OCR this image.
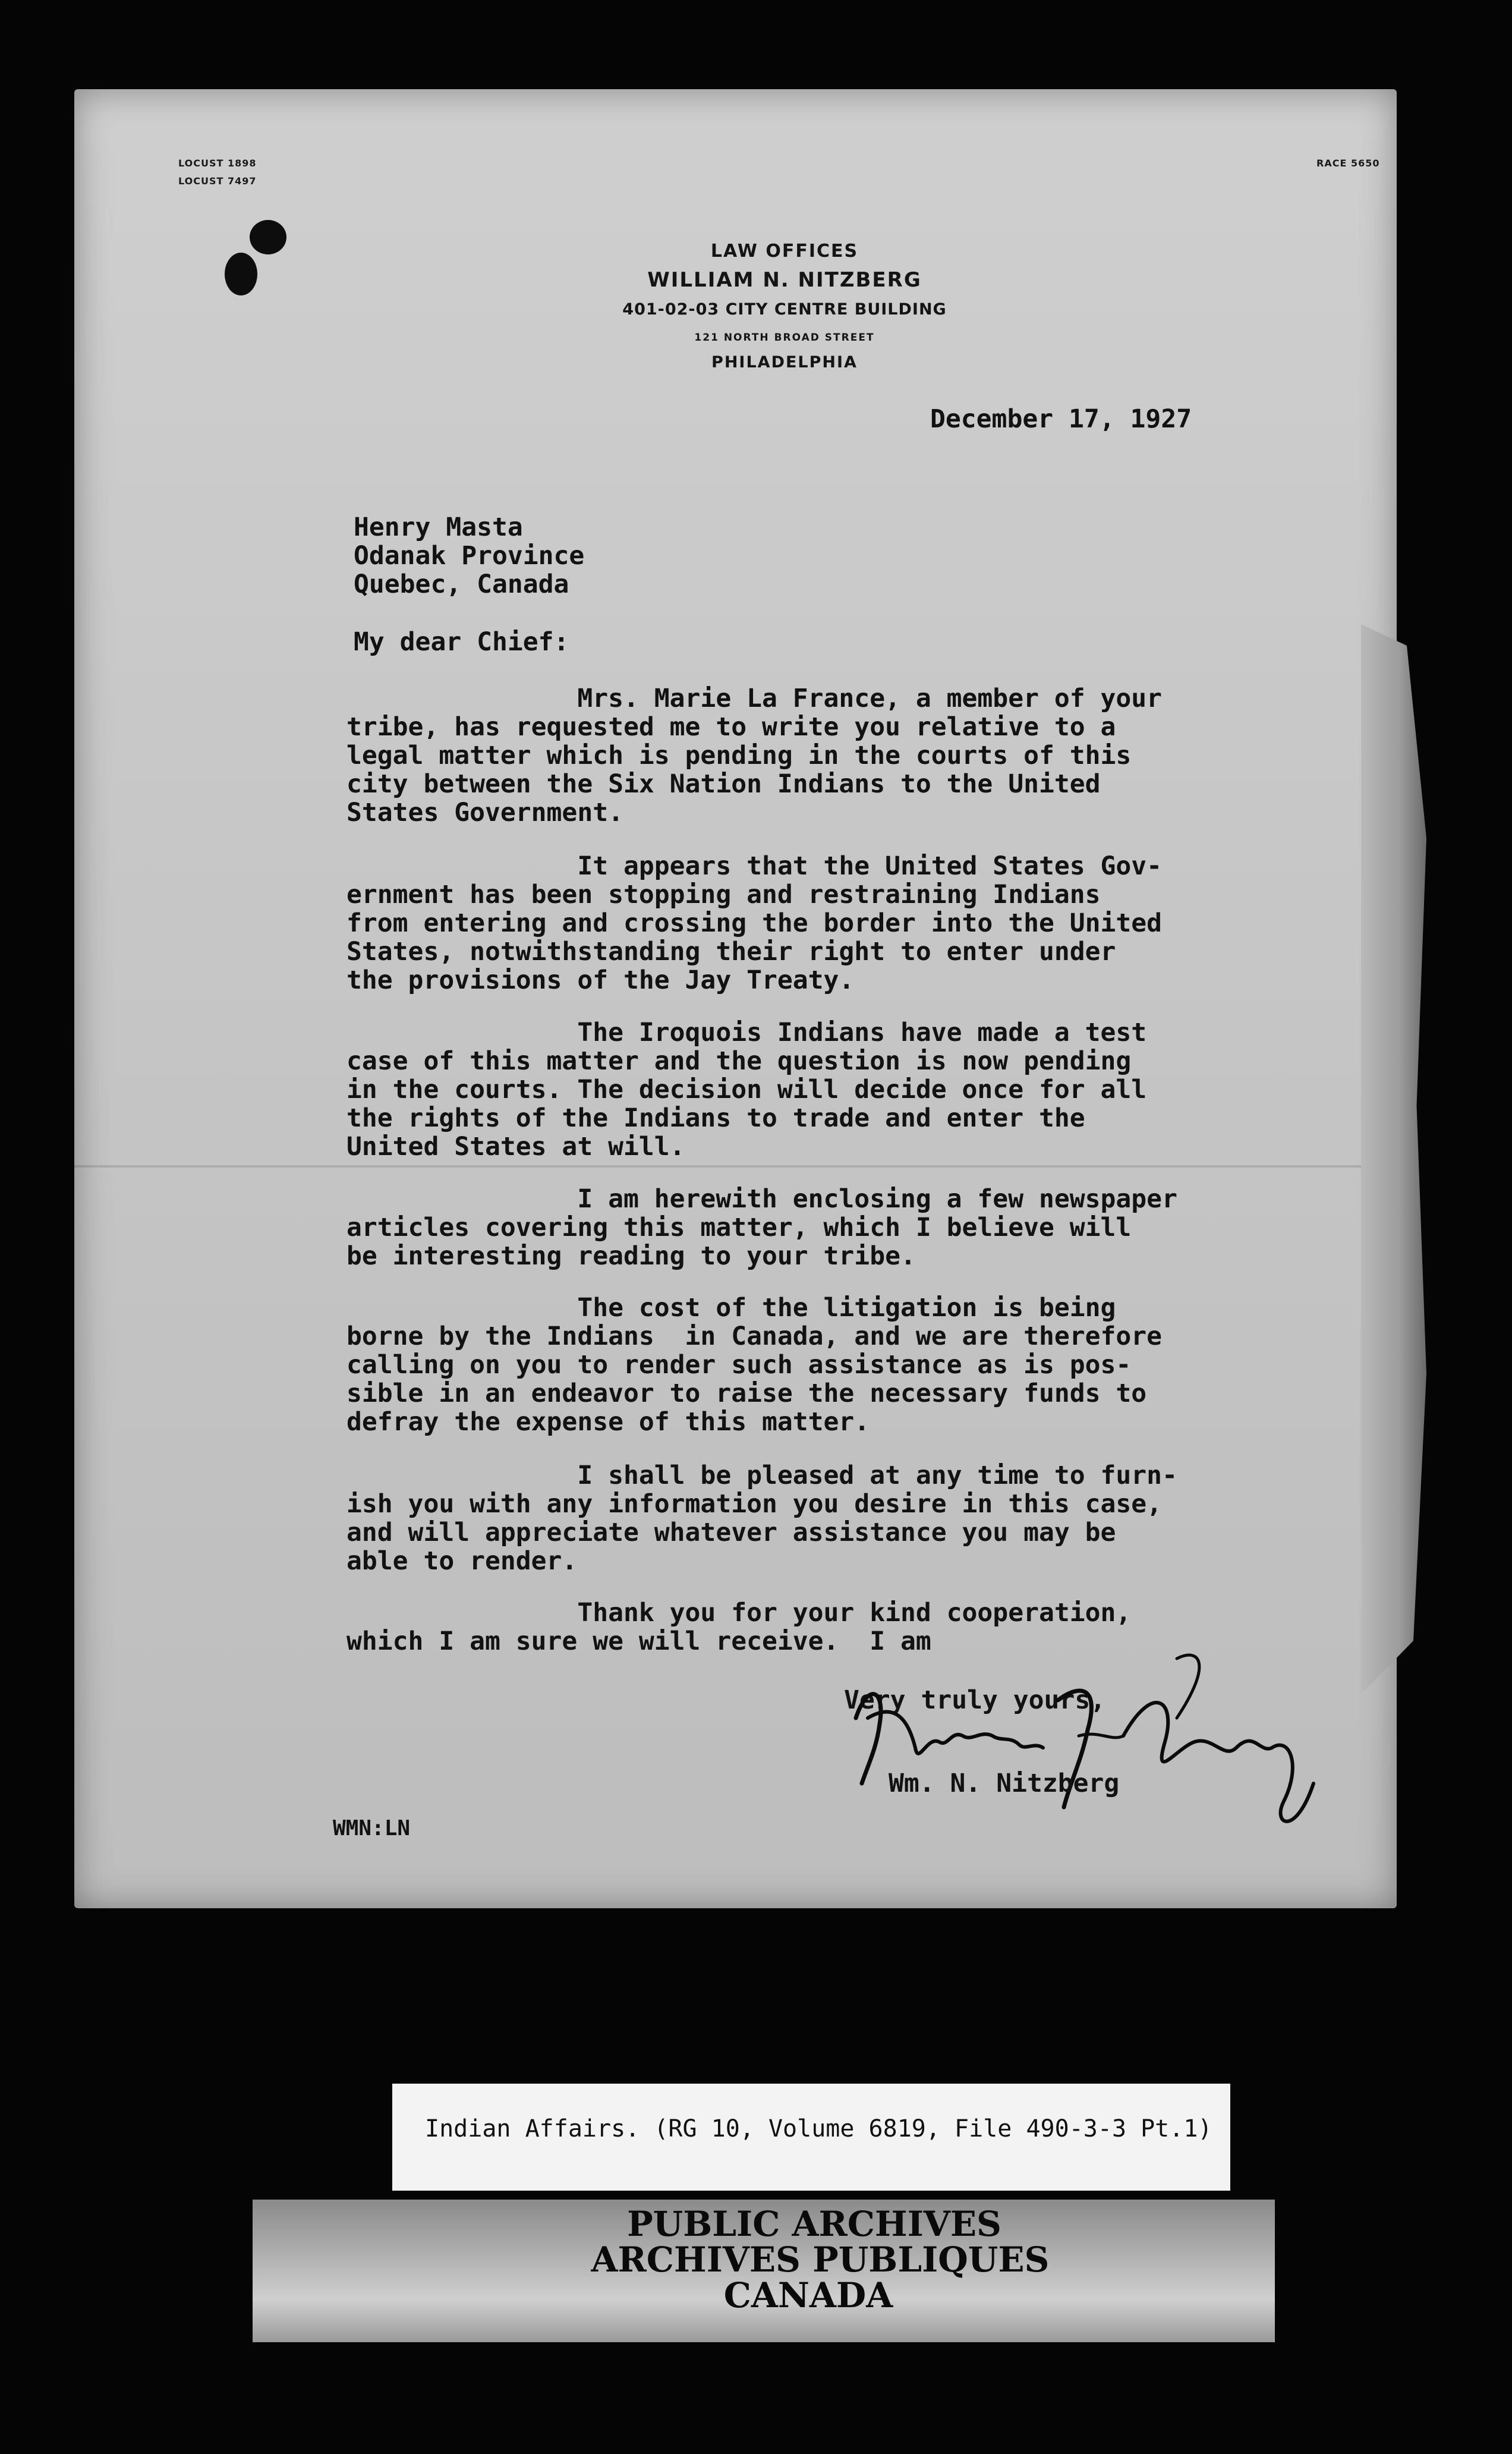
LOCUST 1898
LOCUST 7497
RACE 5650
LAW OFFICES
WILLIAM N. NITZBERG
401-02-03 CITY CENTRE BUILDING
121 NORTH BROAD STREET
PHILADELPHIA
December 17, 1927
Henry Masta
Odanak Province
Quebec, Canada
My dear Chief:
Mrs. Marie La France, a member of your
tribe, has requested me to write you relative to a
legal matter which is pending in the courts of this
city between the Six Nation Indians to the United
States Government.
It appears that the United States Gov-
ernment has been stopping and restraining Indians
from entering and crossing the border into the United
States, notwithstanding their right to enter under
the provisions of the Jay Treaty.
The Iroquois Indians have made a test
case of this matter and the question is now pending
in the courts. The decision will decide once for all
the rights of the Indians to trade and enter the
United States at will.
I am herewith enclosing a few newspaper
articles covering this matter, which I believe will
be interesting reading to your tribe.
The cost of the litigation is being
borne by the Indians  in Canada, and we are therefore
calling on you to render such assistance as is pos-
sible in an endeavor to raise the necessary funds to
defray the expense of this matter.
I shall be pleased at any time to furn-
ish you with any information you desire in this case,
and will appreciate whatever assistance you may be
able to render.
Thank you for your kind cooperation,
which I am sure we will receive.  I am
Very truly yours,
Wm. N. Nitzberg
WMN:LN
Indian Affairs. (RG 10, Volume 6819, File 490-3-3 Pt.1)
PUBLIC ARCHIVES
ARCHIVES PUBLIQUES
CANADA
